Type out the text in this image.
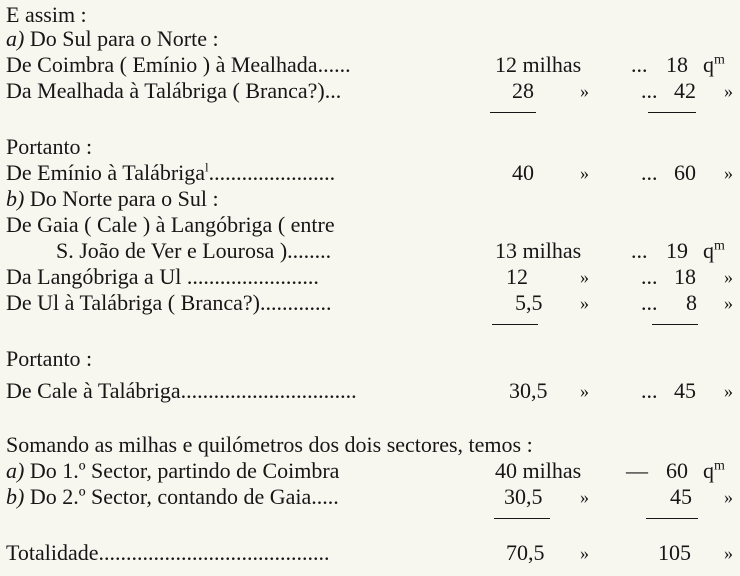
E assim :
a) Do Sul para o Norte :
De Coimbra ( Emínio ) à Mealhada......	12 milhas ... 18 $q^m$
Da Mealhada à Talábriga ( Branca?)...	28	» ... 42 »
Portanto :
De Emínio à Talábriga$^l$.......................	40	» ... 60 »
b) Do Norte para o Sul :
De Gaia ( Cale ) à Langóbriga ( entre
S. João de Ver e Lourosa )........	13 milhas ... 19 $q^m$
Da Langóbriga a Ul ........................	12	» ... 18 »
De Ul à Talábriga ( Branca?).............	5,5 » ... 8 »
Portanto :
De Cale à Talábriga................................	30,5 » ... 45 »
Somando as milhas e quilómetros dos dois sectores, temos :
a) Do 1.º Sector, partindo de Coimbra	40 milhas — 60 $q^m$
b) Do 2.º Sector, contando de Gaia.....	30,5 »	45 »
Totalidade..........................................	70,5 »	105 »
